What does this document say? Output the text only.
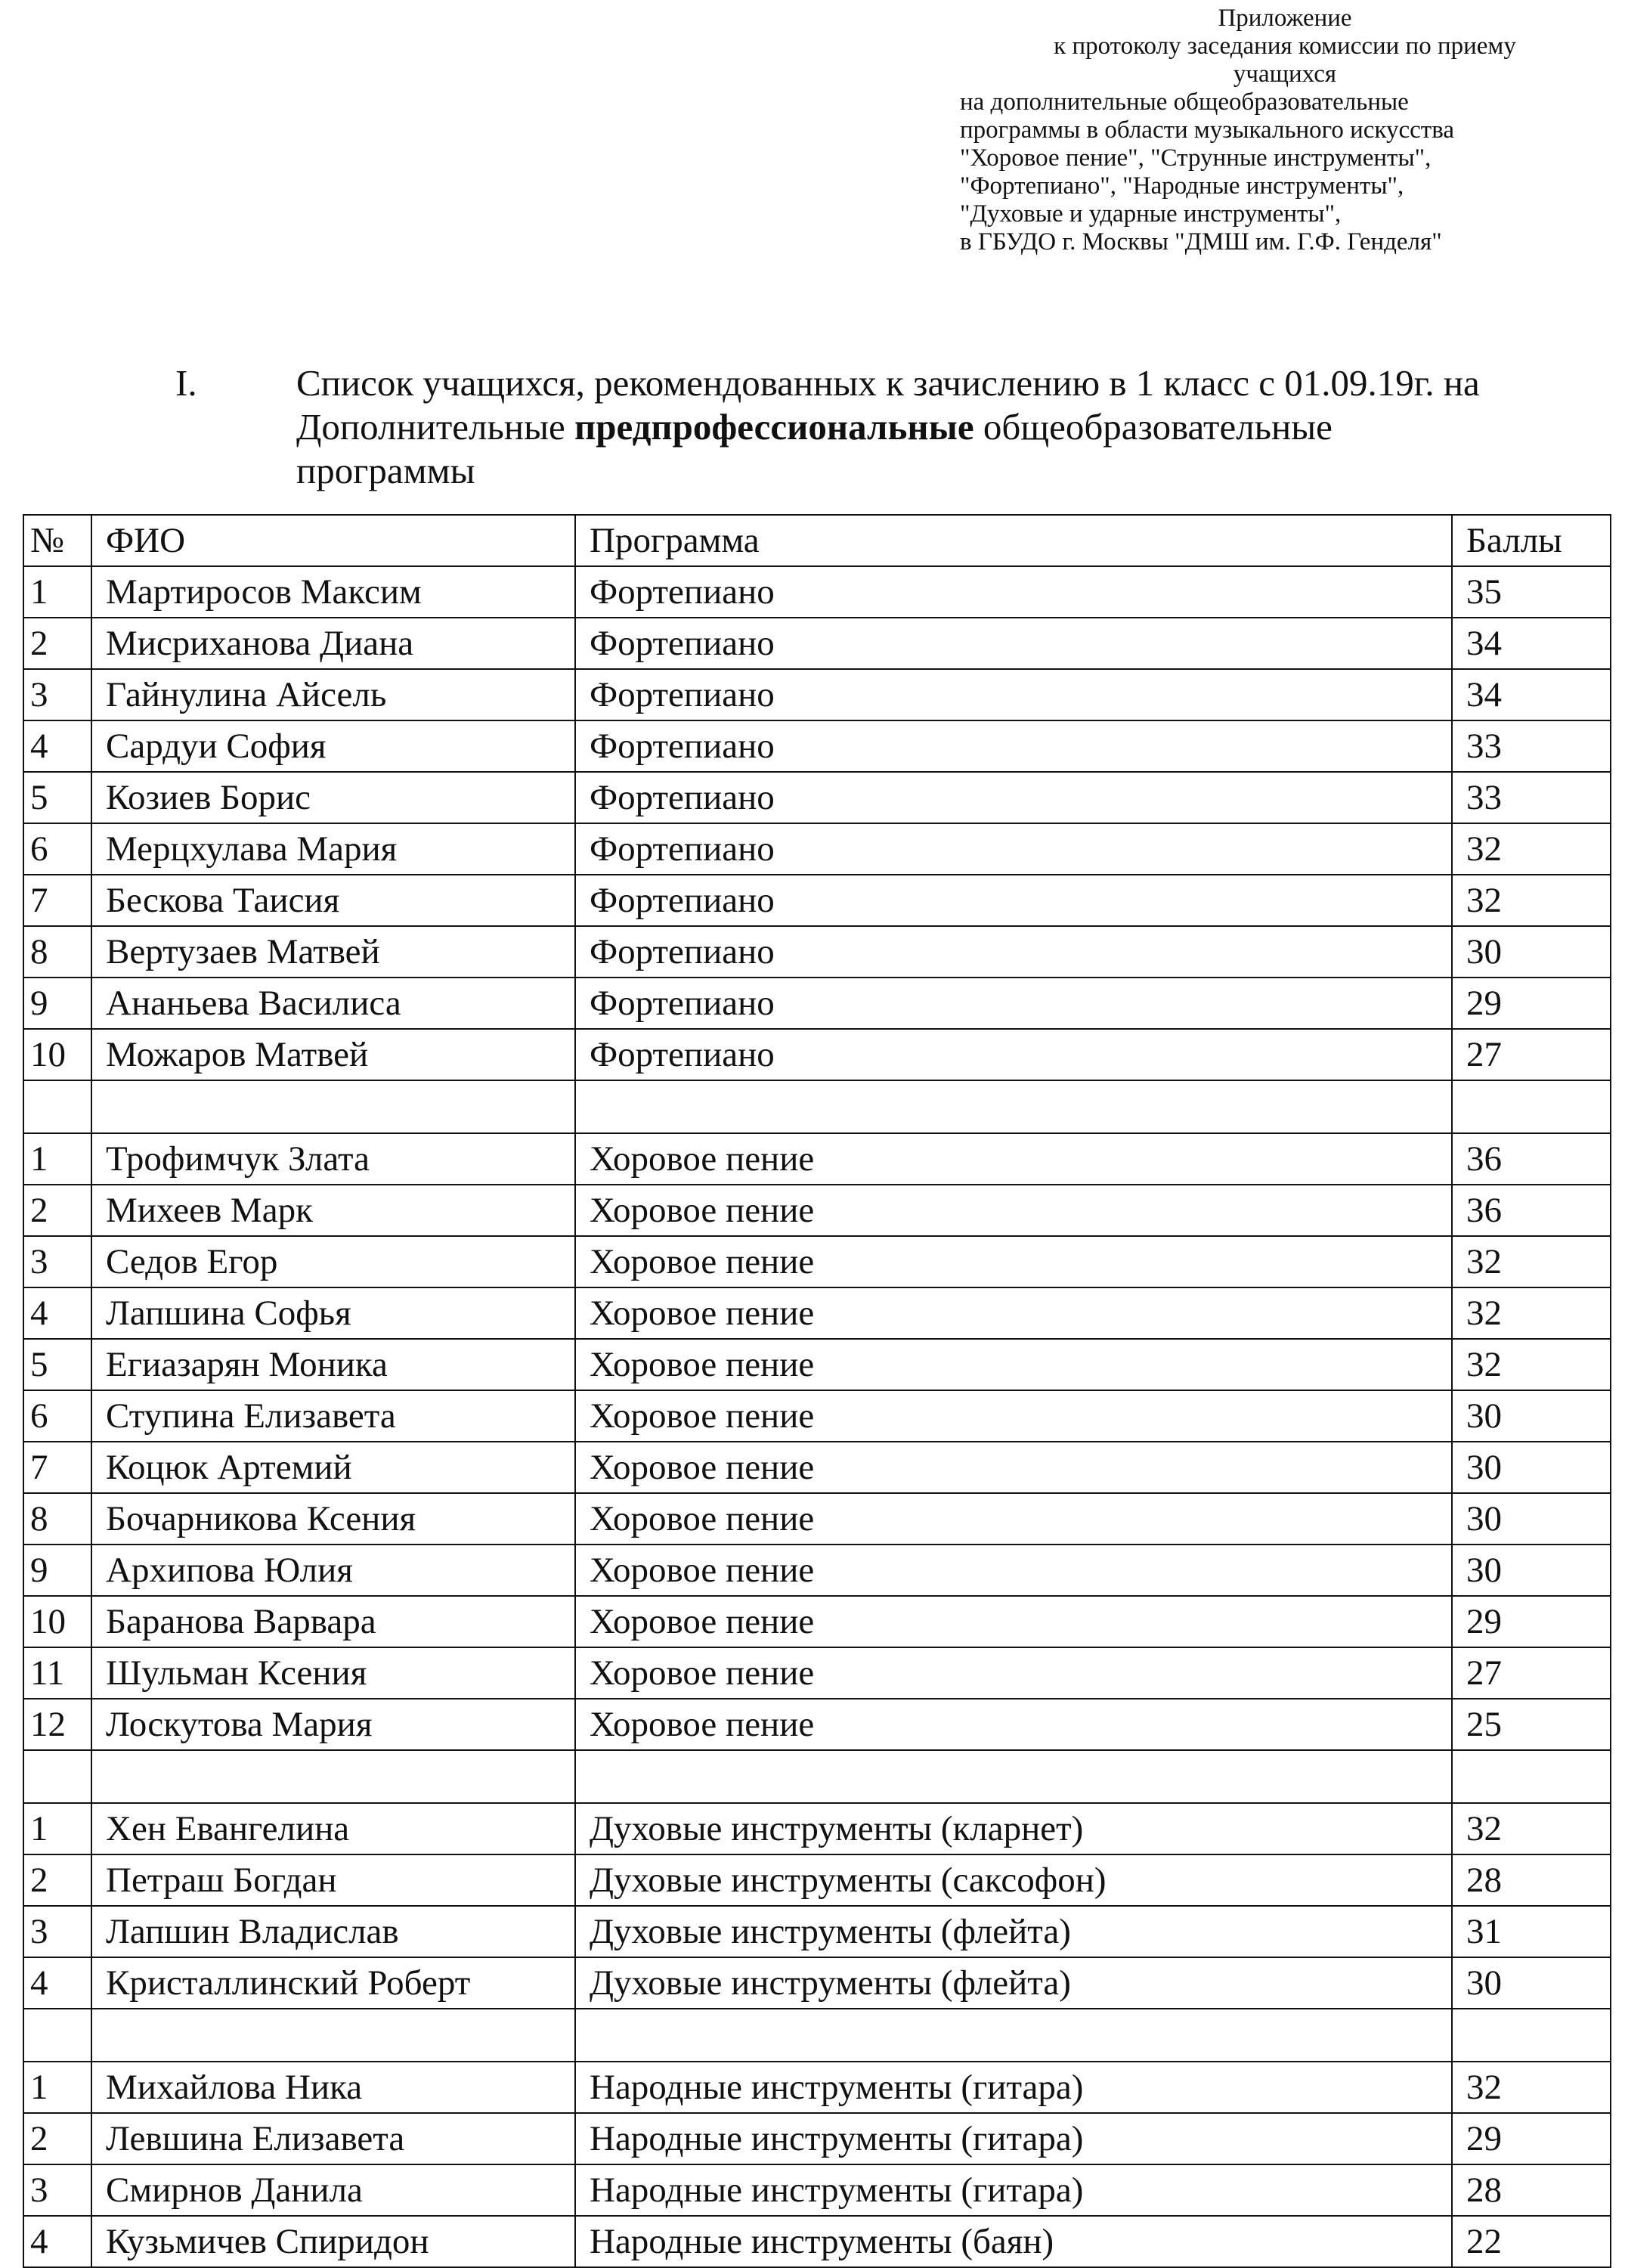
Приложение
к протоколу заседания комиссии по приему
учащихся
на дополнительные общеобразовательные
программы в области музыкального искусства
"Хоровое пение", "Струнные инструменты",
"Фортепиано", "Народные инструменты",
"Духовые и ударные инструменты",
в ГБУДО г. Москвы "ДМШ им. Г.Ф. Генделя"
I.	Список учащихся, рекомендованных к зачислению в 1 класс с 01.09.19г. на Дополнительные предпрофессиональные общеобразовательные программы
№	ФИО	Программа	Баллы
1	Мартиросов Максим	Фортепиано	35
2	Мисриханова Диана	Фортепиано	34
3	Гайнулина Айсель	Фортепиано	34
4	Сардуи София	Фортепиано	33
5	Козиев Борис	Фортепиано	33
6	Мерцхулава Мария	Фортепиано	32
7	Бескова Таисия	Фортепиано	32
8	Вертузаев Матвей	Фортепиано	30
9	Ананьева Василиса	Фортепиано	29
10	Можаров Матвей	Фортепиано	27

1	Трофимчук Злата	Хоровое пение	36
2	Михеев Марк	Хоровое пение	36
3	Седов Егор	Хоровое пение	32
4	Лапшина Софья	Хоровое пение	32
5	Егиазарян Моника	Хоровое пение	32
6	Ступина Елизавета	Хоровое пение	30
7	Коцюк Артемий	Хоровое пение	30
8	Бочарникова Ксения	Хоровое пение	30
9	Архипова Юлия	Хоровое пение	30
10	Баранова Варвара	Хоровое пение	29
11	Шульман Ксения	Хоровое пение	27
12	Лоскутова Мария	Хоровое пение	25

1	Хен Евангелина	Духовые инструменты (кларнет)	32
2	Петраш Богдан	Духовые инструменты (саксофон)	28
3	Лапшин Владислав	Духовые инструменты (флейта)	31
4	Кристаллинский Роберт	Духовые инструменты (флейта)	30

1	Михайлова Ника	Народные инструменты (гитара)	32
2	Левшина Елизавета	Народные инструменты (гитара)	29
3	Смирнов Данила	Народные инструменты (гитара)	28
4	Кузьмичев Спиридон	Народные инструменты (баян)	22
